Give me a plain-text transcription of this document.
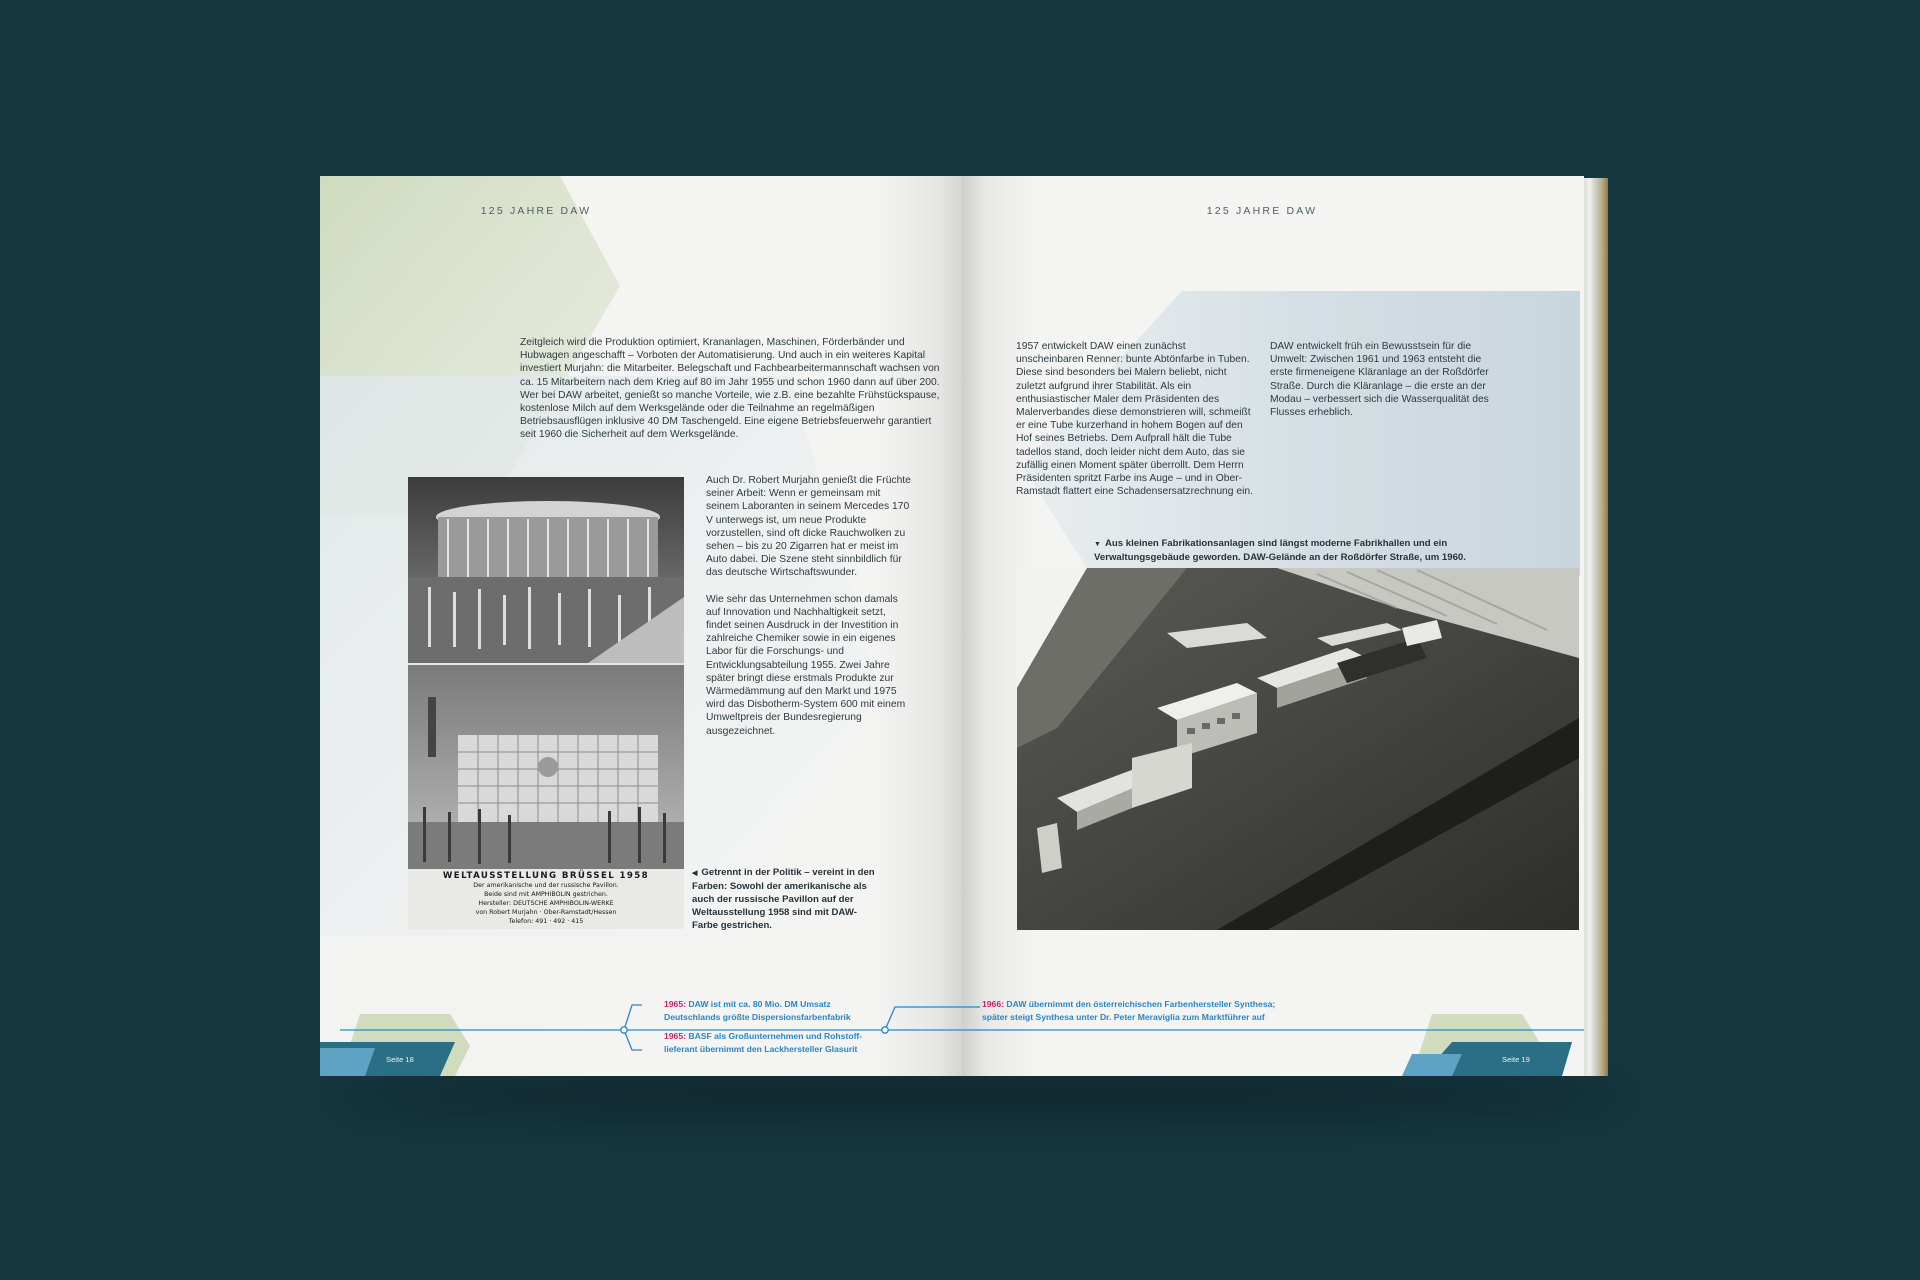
125 JAHRE DAW
Zeitgleich wird die Produktion optimiert, Krananlagen, Maschinen, Förderbänder und Hubwagen angeschafft – Vorboten der Automatisierung. Und auch in ein weiteres Kapital investiert Murjahn: die Mitarbeiter. Belegschaft und Fachbearbeitermannschaft wachsen von ca. 15 Mitarbeitern nach dem Krieg auf 80 im Jahr 1955 und schon 1960 dann auf über 200. Wer bei DAW arbeitet, genießt so manche Vorteile, wie z.B. eine bezahlte Frühstückspause, kostenlose Milch auf dem Werksgelände oder die Teilnahme an regelmäßigen Betriebsausflügen inklusive 40 DM Taschengeld. Eine eigene Betriebsfeuerwehr garantiert seit 1960 die Sicherheit auf dem Werksgelände.
WELTAUSSTELLUNG BRÜSSEL 1958
Der amerikanische und der russische Pavillon.
Beide sind mit AMPHIBOLIN gestrichen.
Hersteller: DEUTSCHE AMPHIBOLIN-WERKE
von Robert Murjahn · Ober-Ramstadt/Hessen
Telefon: 491 · 492 · 415

Auch Dr. Robert Murjahn genießt die Früchte seiner Arbeit: Wenn er gemeinsam mit seinem Laboranten in seinem Mercedes 170 V unterwegs ist, um neue Produkte vorzustellen, sind oft dicke Rauchwolken zu sehen – bis zu 20 Zigarren hat er meist im Auto dabei. Die Szene steht sinnbildlich für das deutsche Wirtschaftswunder.

Wie sehr das Unternehmen schon damals auf Innovation und Nachhaltigkeit setzt, findet seinen Ausdruck in der Investition in zahlreiche Chemiker sowie in ein eigenes Labor für die Forschungs- und Entwicklungsabteilung 1955. Zwei Jahre später bringt diese erstmals Produkte zur Wärmedämmung auf den Markt und 1975 wird das Disbotherm-System 600 mit einem Umweltpreis der Bundesregierung ausgezeichnet.

◀ Getrennt in der Politik – vereint in den Farben: Sowohl der amerikanische als auch der russische Pavillon auf der Weltausstellung 1958 sind mit DAW-Farbe gestrichen.
Seite 18
125 JAHRE DAW
1957 entwickelt DAW einen zunächst unscheinbaren Renner: bunte Abtönfarbe in Tuben. Diese sind besonders bei Malern beliebt, nicht zuletzt aufgrund ihrer Stabilität. Als ein enthusiastischer Maler dem Präsidenten des Malerverbandes diese demonstrieren will, schmeißt er eine Tube kurzerhand in hohem Bogen auf den Hof seines Betriebs. Dem Aufprall hält die Tube tadellos stand, doch leider nicht dem Auto, das sie zufällig einen Moment später überrollt. Dem Herrn Präsidenten spritzt Farbe ins Auge – und in Ober-Ramstadt flattert eine Schadensersatzrechnung ein.
DAW entwickelt früh ein Bewusstsein für die Umwelt: Zwischen 1961 und 1963 entsteht die erste firmeneigene Kläranlage an der Roßdörfer Straße. Durch die Kläranlage – die erste an der Modau – verbessert sich die Wasserqualität des Flusses erheblich.
▼ Aus kleinen Fabrikationsanlagen sind längst moderne Fabrikhallen und ein Verwaltungsgebäude geworden. DAW-Gelände an der Roßdörfer Straße, um 1960.
Seite 19
1965: DAW ist mit ca. 80 Mio. DM Umsatz
Deutschlands größte Dispersionsfarbenfabrik
1965: BASF als Großunternehmen und Rohstoff-
lieferant übernimmt den Lackhersteller Glasurit
1966: DAW übernimmt den österreichischen Farbenhersteller Synthesa;
später steigt Synthesa unter Dr. Peter Meraviglia zum Marktführer auf
